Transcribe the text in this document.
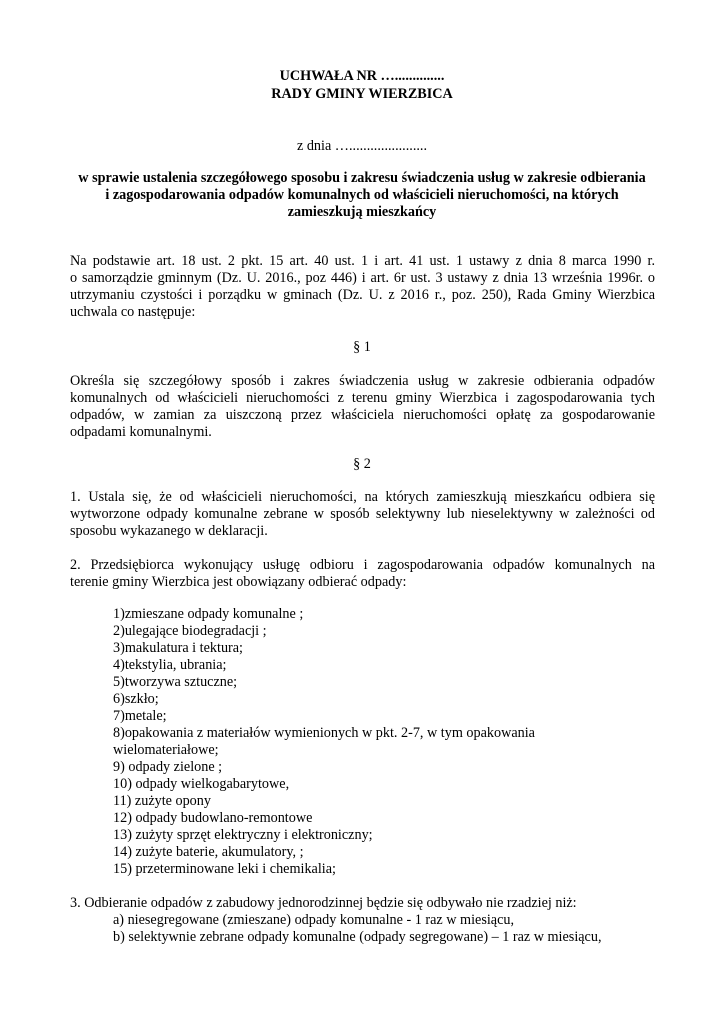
UCHWAŁA NR …..............
RADY GMINY WIERZBICA
z dnia …......................
w sprawie ustalenia szczegółowego sposobu i zakresu świadczenia usług w zakresie odbierania
i zagospodarowania odpadów komunalnych od właścicieli nieruchomości, na których
zamieszkują mieszkańcy
Na podstawie art. 18 ust. 2 pkt. 15 art. 40 ust. 1 i art. 41 ust. 1 ustawy z dnia 8 marca 1990 r.
o samorządzie gminnym (Dz. U. 2016., poz 446) i art. 6r ust. 3 ustawy z dnia 13 września 1996r. o
utrzymaniu czystości i porządku w gminach (Dz. U. z 2016 r., poz. 250), Rada Gminy Wierzbica
uchwala co następuje:
§ 1
Określa się szczegółowy sposób i zakres świadczenia usług w zakresie odbierania odpadów
komunalnych od właścicieli nieruchomości z terenu gminy Wierzbica i zagospodarowania tych
odpadów, w zamian za uiszczoną przez właściciela nieruchomości opłatę za gospodarowanie
odpadami komunalnymi.
§ 2
1. Ustala się, że od właścicieli nieruchomości, na których zamieszkują mieszkańcu odbiera się
wytworzone odpady komunalne zebrane w sposób selektywny lub nieselektywny w zależności od
sposobu wykazanego w deklaracji.
2. Przedsiębiorca wykonujący usługę odbioru i zagospodarowania odpadów komunalnych na
terenie gminy Wierzbica jest obowiązany odbierać odpady:
1)zmieszane odpady komunalne ;
2)ulegające biodegradacji ;
3)makulatura i tektura;
4)tekstylia, ubrania;
5)tworzywa sztuczne;
6)szkło;
7)metale;
8)opakowania z materiałów wymienionych w pkt. 2-7, w tym opakowania
wielomateriałowe;
9) odpady zielone ;
10) odpady wielkogabarytowe,
11) zużyte opony
12) odpady budowlano-remontowe
13) zużyty sprzęt elektryczny i elektroniczny;
14) zużyte baterie, akumulatory, ;
15) przeterminowane leki i chemikalia;
3. Odbieranie odpadów z zabudowy jednorodzinnej będzie się odbywało nie rzadziej niż:
a) niesegregowane (zmieszane) odpady komunalne - 1 raz w miesiącu,
b) selektywnie zebrane odpady komunalne (odpady segregowane) – 1 raz w miesiącu,
